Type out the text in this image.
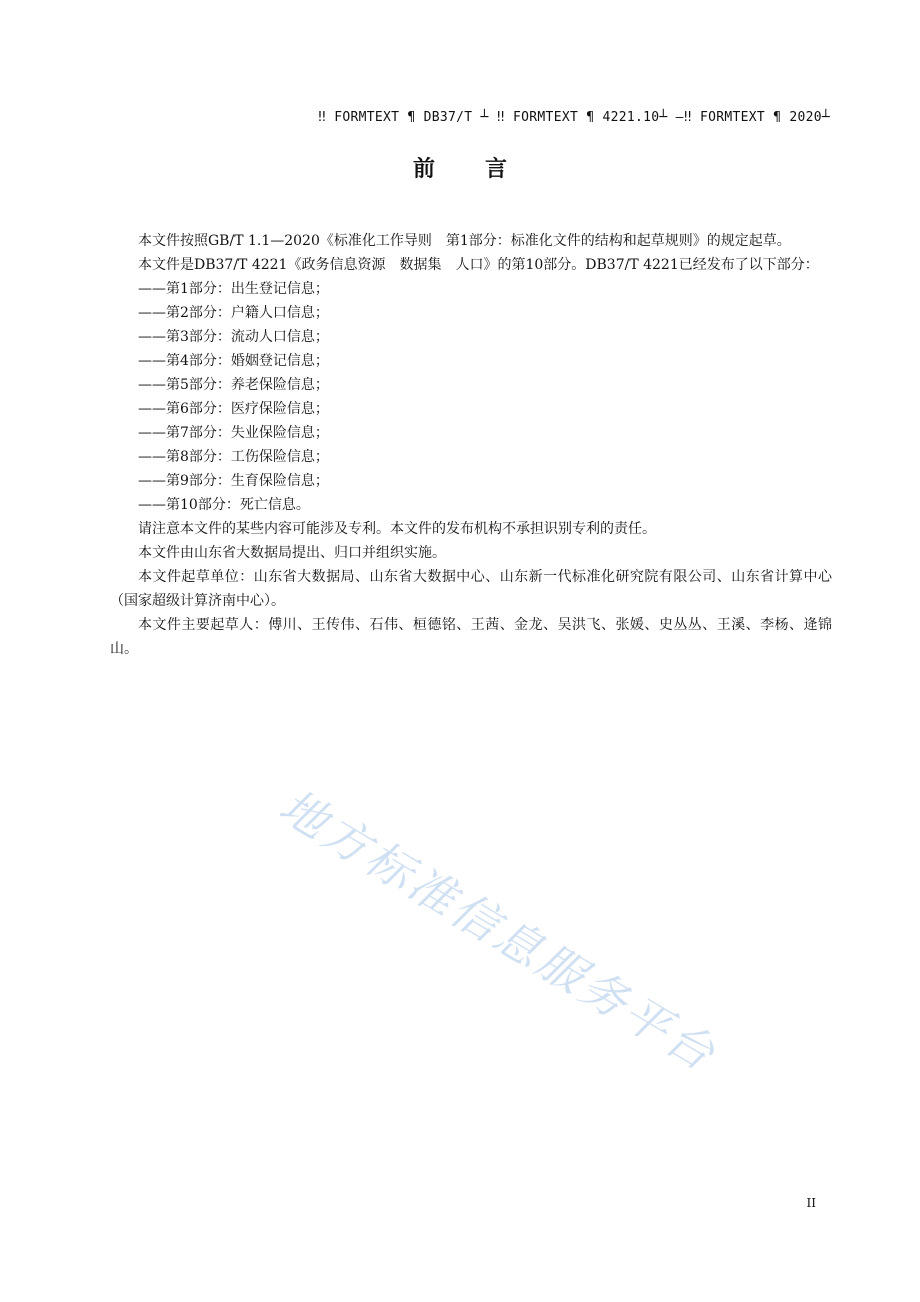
‼ FORMTEXT ¶ DB37/T ┴ ‼ FORMTEXT ¶ 4221.10┴ —‼ FORMTEXT ¶ 2020┴
前言

本文件按照GB/T 1.1—2020《标准化工作导则　第1部分：标准化文件的结构和起草规则》的规定起草。

本文件是DB37/T 4221《政务信息资源　数据集　人口》的第10部分。DB37/T 4221已经发布了以下部分：

——第1部分：出生登记信息；

——第2部分：户籍人口信息；

——第3部分：流动人口信息；

——第4部分：婚姻登记信息；

——第5部分：养老保险信息；

——第6部分：医疗保险信息；

——第7部分：失业保险信息；

——第8部分：工伤保险信息；

——第9部分：生育保险信息；

——第10部分：死亡信息。

请注意本文件的某些内容可能涉及专利。本文件的发布机构不承担识别专利的责任。

本文件由山东省大数据局提出、归口并组织实施。

本文件起草单位：山东省大数据局、山东省大数据中心、山东新一代标准化研究院有限公司、山东省计算中心（国家超级计算济南中心）。

本文件主要起草人：傅川、王传伟、石伟、桓德铭、王茜、金龙、吴洪飞、张媛、史丛丛、王溪、李杨、逄锦山。

地方标准信息服务平台
II
